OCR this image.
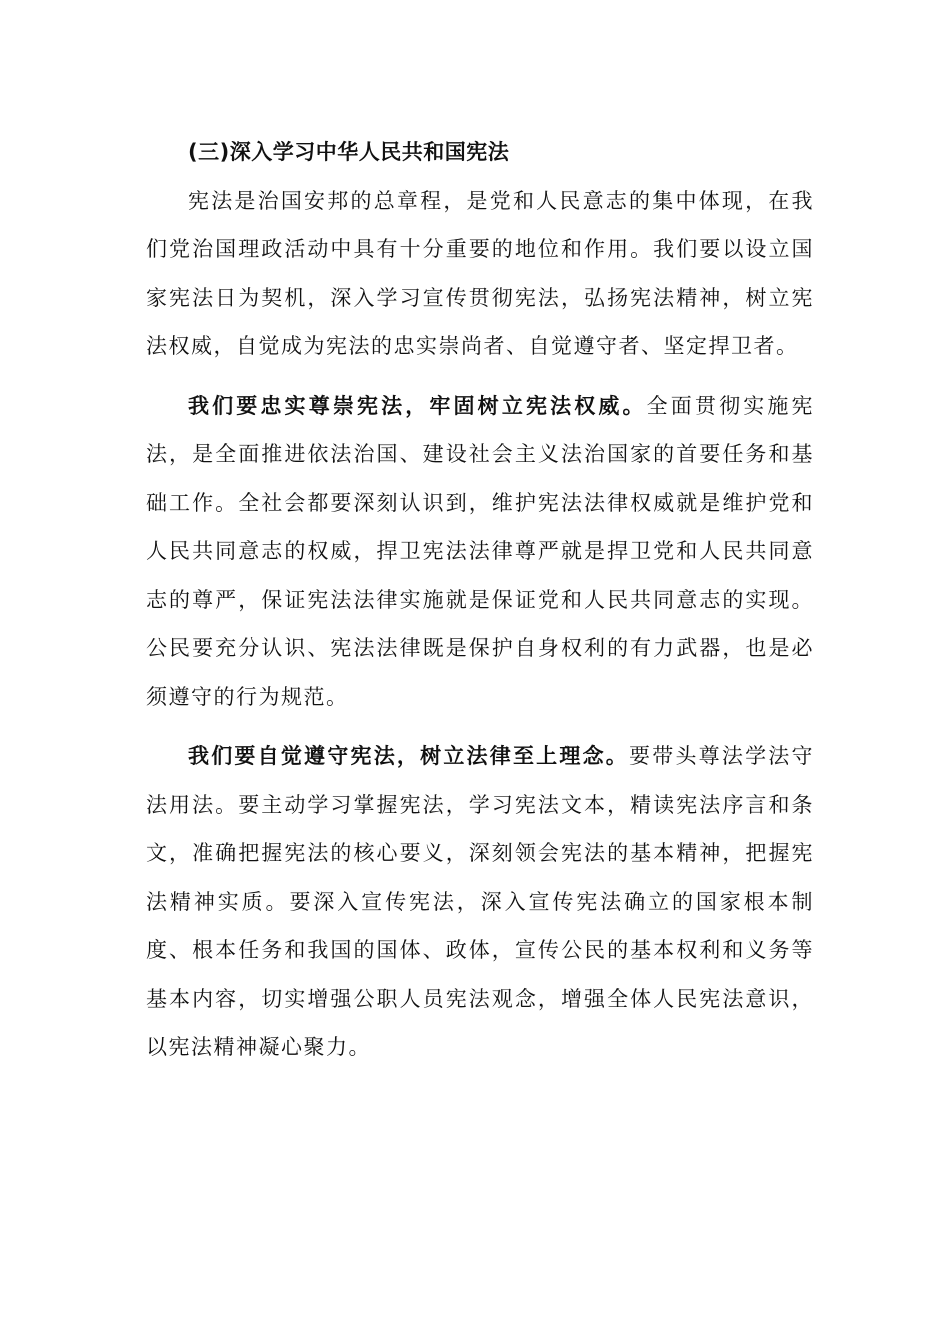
(三)深入学习中华人民共和国宪法

宪法是治国安邦的总章程，是党和人民意志的集中体现，在我们党治国理政活动中具有十分重要的地位和作用。我们要以设立国家宪法日为契机，深入学习宣传贯彻宪法，弘扬宪法精神，树立宪法权威，自觉成为宪法的忠实崇尚者、自觉遵守者、坚定捍卫者。

我们要忠实尊崇宪法，牢固树立宪法权威。全面贯彻实施宪法，是全面推进依法治国、建设社会主义法治国家的首要任务和基础工作。全社会都要深刻认识到，维护宪法法律权威就是维护党和人民共同意志的权威，捍卫宪法法律尊严就是捍卫党和人民共同意志的尊严，保证宪法法律实施就是保证党和人民共同意志的实现。公民要充分认识、宪法法律既是保护自身权利的有力武器，也是必须遵守的行为规范。

我们要自觉遵守宪法，树立法律至上理念。要带头尊法学法守法用法。要主动学习掌握宪法，学习宪法文本，精读宪法序言和条文，准确把握宪法的核心要义，深刻领会宪法的基本精神，把握宪法精神实质。要深入宣传宪法，深入宣传宪法确立的国家根本制度、根本任务和我国的国体、政体，宣传公民的基本权利和义务等基本内容，切实增强公职人员宪法观念，增强全体人民宪法意识，以宪法精神凝心聚力。
